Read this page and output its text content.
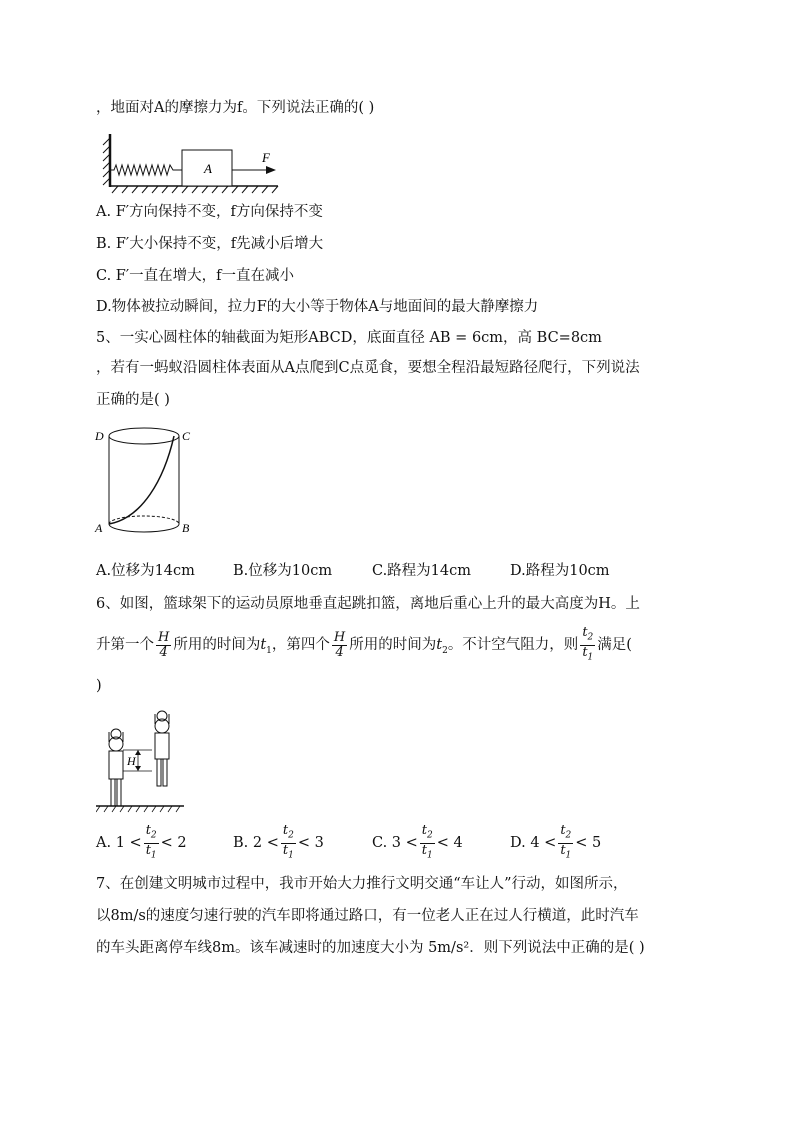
，地面对A的摩擦力为f。下列说法正确的( )
A
F
A. F′方向保持不变，f方向保持不变
B. F′大小保持不变，f先减小后增大
C. F′一直在增大，f一直在减小
D.物体被拉动瞬间，拉力F的大小等于物体A与地面间的最大静摩擦力
5、一实心圆柱体的轴截面为矩形ABCD，底面直径 AB = 6cm，高 BC=8cm
，若有一蚂蚁沿圆柱体表面从A点爬到C点觅食，要想全程沿最短路径爬行，下列说法
正确的是( )
D	C
A	B
A.位移为14cm	B.位移为10cm	C.路程为14cm	D.路程为10cm
6、如图，篮球架下的运动员原地垂直起跳扣篮，离地后重心上升的最大高度为H。上
升第一个 $\frac{H}{4}$ 所用的时间为$t_1$，第四个 $\frac{H}{4}$ 所用的时间为$t_2$。不计空气阻力，则 $\frac{t_2}{t_1}$ 满足(
)
H
A. $1 < \frac{t_2}{t_1} < 2$	B. $2 < \frac{t_2}{t_1} < 3$	C. $3 < \frac{t_2}{t_1} < 4$	D. $4 < \frac{t_2}{t_1} < 5$
7、在创建文明城市过程中，我市开始大力推行文明交通“车让人”行动，如图所示，
以8m/s的速度匀速行驶的汽车即将通过路口，有一位老人正在过人行横道，此时汽车
的车头距离停车线8m。该车减速时的加速度大小为 5m/s²．则下列说法中正确的是( )
